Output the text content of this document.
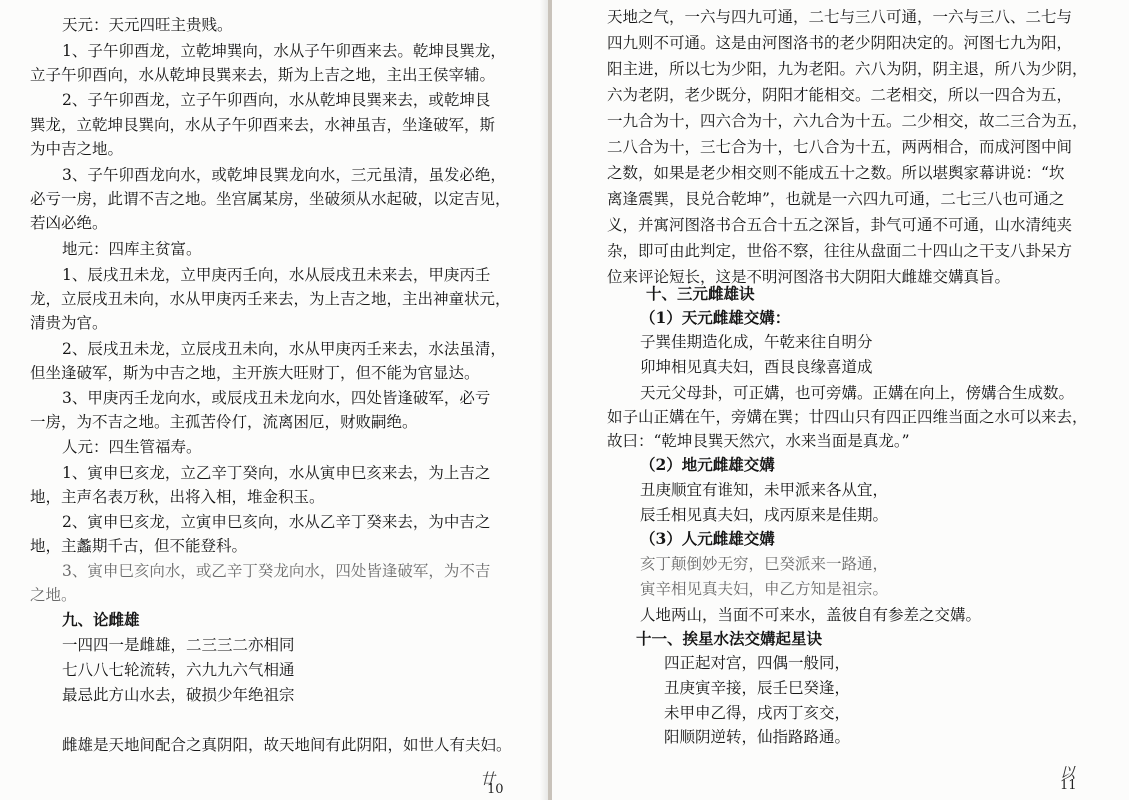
天元：天元四旺主贵贱。
1、子午卯酉龙，立乾坤巽向，水从子午卯酉来去。乾坤艮巽龙，
立子午卯酉向，水从乾坤艮巽来去，斯为上吉之地，主出王侯宰辅。
2、子午卯酉龙，立子午卯酉向，水从乾坤艮巽来去，或乾坤艮
巽龙，立乾坤艮巽向，水从子午卯酉来去，水神虽吉，坐逢破军，斯
为中吉之地。
3、子午卯酉龙向水，或乾坤艮巽龙向水，三元虽清，虽发必绝，
必亏一房，此谓不吉之地。坐宫属某房，坐破须从水起破，以定吉见，
若凶必绝。
地元：四库主贫富。
1、辰戌丑未龙，立甲庚丙壬向，水从辰戌丑未来去，甲庚丙壬
龙，立辰戌丑未向，水从甲庚丙壬来去，为上吉之地，主出神童状元，
清贵为官。
2、辰戌丑未龙，立辰戌丑未向，水从甲庚丙壬来去，水法虽清，
但坐逢破军，斯为中吉之地，主开族大旺财丁，但不能为官显达。
3、甲庚丙壬龙向水，或辰戌丑未龙向水，四处皆逢破军，必亏
一房，为不吉之地。主孤苦伶仃，流离困厄，财败嗣绝。
人元：四生管福寿。
1、寅申巳亥龙，立乙辛丁癸向，水从寅申巳亥来去，为上吉之
地，主声名表万秋，出将入相，堆金积玉。
2、寅申巳亥龙，立寅申巳亥向，水从乙辛丁癸来去，为中吉之
地，主蠡期千古，但不能登科。
3、寅申巳亥向水，或乙辛丁癸龙向水，四处皆逢破军，为不吉
之地。
九、论雌雄
一四四一是雌雄，二三三二亦相同
七八八七轮流转，六九九六气相通
最忌此方山水去，破损少年绝祖宗
雌雄是天地间配合之真阴阳，故天地间有此阴阳，如世人有夫妇。
廿
10
天地之气，一六与四九可通，二七与三八可通，一六与三八、二七与
四九则不可通。这是由河图洛书的老少阴阳决定的。河图七九为阳，
阳主进，所以七为少阳，九为老阳。六八为阴，阴主退，所八为少阴，
六为老阴，老少既分，阴阳才能相交。二老相交，所以一四合为五，
一九合为十，四六合为十，六九合为十五。二少相交，故二三合为五，
二八合为十，三七合为十，七八合为十五，两两相合，而成河图中间
之数，如果是老少相交则不能成五十之数。所以堪舆家幕讲说：“坎
离逢震巽，艮兑合乾坤”，也就是一六四九可通，二七三八也可通之
义，并寓河图洛书合五合十五之深旨，卦气可通不可通，山水清纯夹
杂，即可由此判定，世俗不察，往往从盘面二十四山之干支八卦呆方
位来评论短长，这是不明河图洛书大阴阳大雌雄交媾真旨。
十、三元雌雄诀
（1）天元雌雄交媾：
子巽佳期造化成，午乾来往自明分
卯坤相见真夫妇，酉艮良缘喜道成
天元父母卦，可正媾，也可旁媾。正媾在向上，傍媾合生成数。
如子山正媾在午，旁媾在巽；廿四山只有四正四维当面之水可以来去，
故曰：“乾坤艮巽天然穴，水来当面是真龙。”
（2）地元雌雄交媾
丑庚顺宜有谁知，未甲派来各从宜，
辰壬相见真夫妇，戌丙原来是佳期。
（3）人元雌雄交媾
亥丁颠倒妙无穷，巳癸派来一路通，
寅辛相见真夫妇，申乙方知是祖宗。
人地两山，当面不可来水，盖彼自有参差之交媾。
十一、挨星水法交媾起星诀
四正起对宫，四偶一般同，
丑庚寅辛接，辰壬巳癸逢，
未甲申乙得，戌丙丁亥交，
阳顺阴逆转，仙指路路通。
以
11
